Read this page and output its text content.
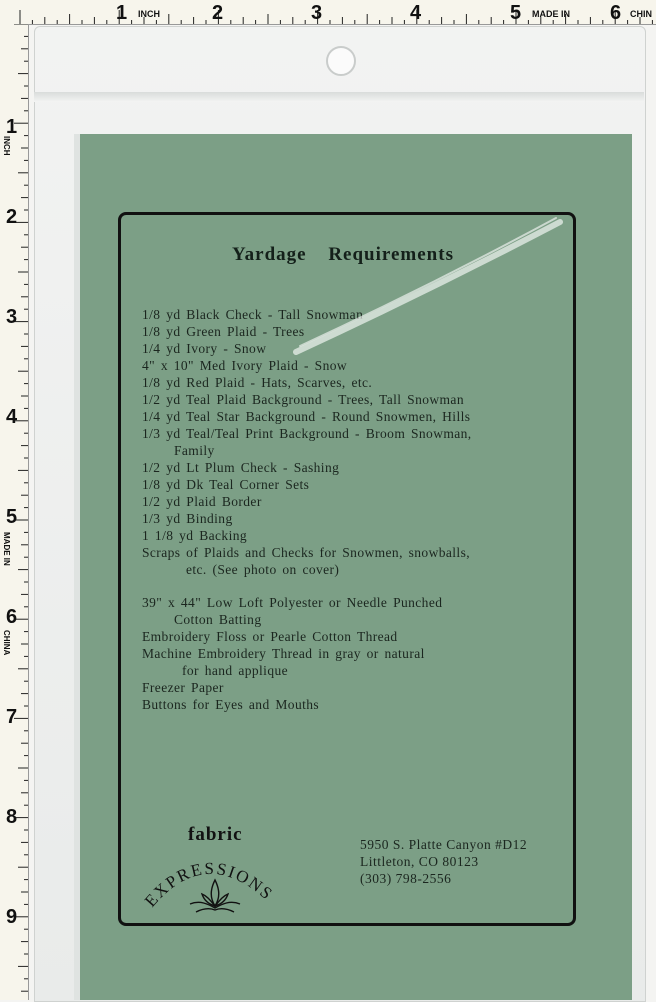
1 INCH	2	3	4	5 MADE IN 6 CHIN
1
INCH
2
3
4
5
MADE IN
6
CHINA
7
8
9
Yardage Requirements
1/8 yd Black Check - Tall Snowman
1/8 yd Green Plaid - Trees
1/4 yd Ivory - Snow
4" x 10" Med Ivory Plaid - Snow
1/8 yd Red Plaid - Hats, Scarves, etc.
1/2 yd Teal Plaid Background - Trees, Tall Snowman
1/4 yd Teal Star Background - Round Snowmen, Hills
1/3 yd Teal/Teal Print Background - Broom Snowman,
Family
1/2 yd Lt Plum Check - Sashing
1/8 yd Dk Teal Corner Sets
1/2 yd Plaid Border
1/3 yd Binding
1 1/8 yd Backing
Scraps of Plaids and Checks for Snowmen, snowballs,
etc. (See photo on cover)
39" x 44" Low Loft Polyester or Needle Punched
Cotton Batting
Embroidery Floss or Pearle Cotton Thread
Machine Embroidery Thread in gray or natural
for hand applique
Freezer Paper
Buttons for Eyes and Mouths
fabric
EXPRESSIONS
5950 S. Platte Canyon #D12
Littleton, CO 80123
(303) 798-2556
